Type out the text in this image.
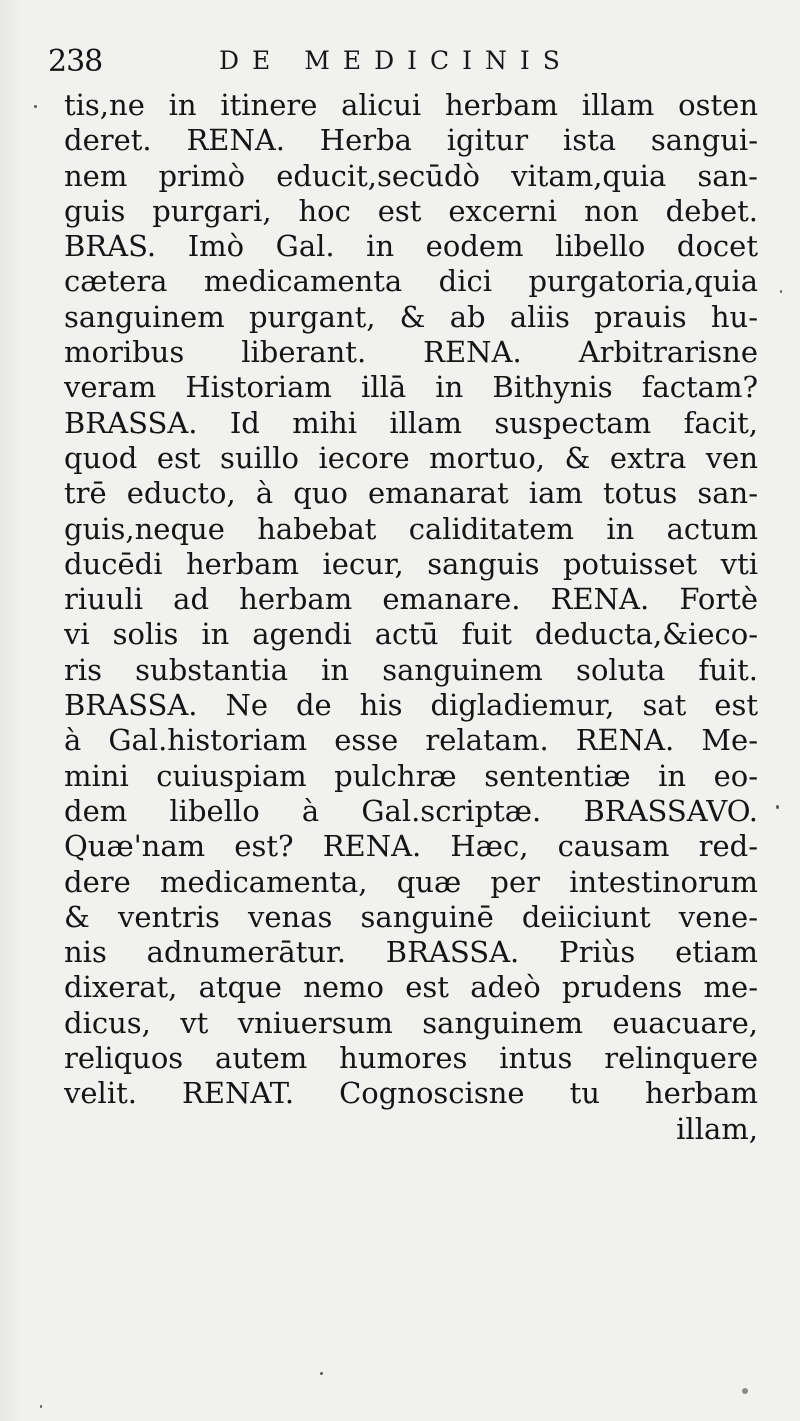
238	DE MEDICINIS
tis,ne in itinere alicui herbam illam osten
deret. RENA. Herba igitur ista sangui-
nem primò educit,secūdò vitam,quia san-
guis purgari, hoc est excerni non debet.
BRAS. Imò Gal. in eodem libello docet
cætera medicamenta dici purgatoria,quia
sanguinem purgant, & ab aliis prauis hu-
moribus liberant. RENA. Arbitrarisne
veram Historiam illā in Bithynis factam?
BRASSA. Id mihi illam suspectam facit,
quod est suillo iecore mortuo, & extra ven
trē educto, à quo emanarat iam totus san-
guis,neque habebat caliditatem in actum
ducēdi herbam iecur, sanguis potuisset vti
riuuli ad herbam emanare. RENA. Fortè
vi solis in agendi actū fuit deducta,&ieco-
ris substantia in sanguinem soluta fuit.
BRASSA. Ne de his digladiemur, sat est
à Gal.historiam esse relatam. RENA. Me-
mini cuiuspiam pulchræ sententiæ in eo-
dem libello à Gal.scriptæ. BRASSAVO.
Quæ'nam est? RENA. Hæc, causam red-
dere medicamenta, quæ per intestinorum
& ventris venas sanguinē deiiciunt vene-
nis adnumerātur. BRASSA. Priùs etiam
dixerat, atque nemo est adeò prudens me-
dicus, vt vniuersum sanguinem euacuare,
reliquos autem humores intus relinquere
velit. RENAT. Cognoscisne tu herbam
illam,
